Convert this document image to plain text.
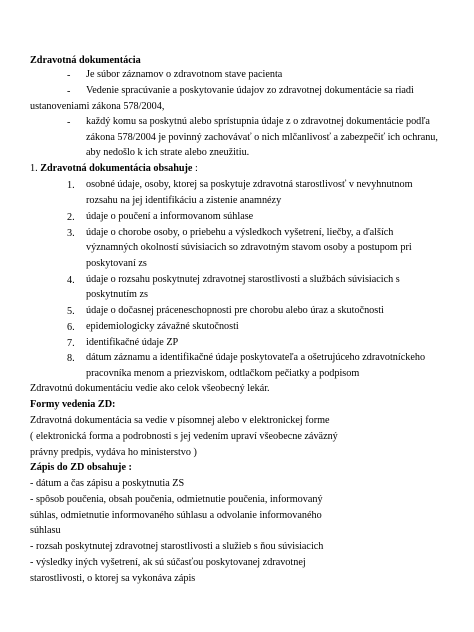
Zdravotná dokumentácia
- Je súbor záznamov o zdravotnom stave pacienta
- Vedenie spracúvanie a poskytovanie údajov zo zdravotnej dokumentácie sa riadi
ustanoveniami zákona 578/2004,
- každý komu sa poskytnú alebo sprístupnia údaje z o zdravotnej dokumentácie podľa
zákona 578/2004 je povinný zachovávať o nich mlčanlivosť a zabezpečiť ich ochranu,
aby nedošlo k ich strate alebo zneužitiu.
1. Zdravotná dokumentácia obsahuje :
1. osobné údaje, osoby, ktorej sa poskytuje zdravotná starostlivosť v nevyhnutnom
rozsahu na jej identifikáciu a zistenie anamnézy
2. údaje o poučení a informovanom súhlase
3. údaje o chorobe osoby, o priebehu a výsledkoch vyšetrení, liečby, a ďalších
významných okolností súvisiacich so zdravotným stavom osoby a postupom pri
poskytovaní zs
4. údaje o rozsahu poskytnutej zdravotnej starostlivosti a službách súvisiacich s
poskytnutím zs
5. údaje o dočasnej práceneschopnosti pre chorobu alebo úraz a skutočnosti
6. epidemiologicky závažné skutočnosti
7. identifikačné údaje ZP
8. dátum záznamu a identifikačné údaje poskytovateľa a ošetrujúceho zdravotníckeho
pracovníka menom a priezviskom, odtlačkom pečiatky a podpisom
Zdravotnú dokumentáciu vedie ako celok všeobecný lekár.
Formy vedenia ZD:
Zdravotná dokumentácia sa vedie v písomnej alebo v elektronickej forme
( elektronická forma a podrobnosti s jej vedením upraví všeobecne záväzný
právny predpis, vydáva ho ministerstvo )
Zápis do ZD obsahuje :
- dátum a čas zápisu a poskytnutia ZS
- spôsob poučenia, obsah poučenia, odmietnutie poučenia, informovaný
súhlas, odmietnutie informovaného súhlasu a odvolanie informovaného
súhlasu
- rozsah poskytnutej zdravotnej starostlivosti a služieb s ňou súvisiacich
- výsledky iných vyšetrení, ak sú súčasťou poskytovanej zdravotnej
starostlivosti, o ktorej sa vykonáva zápis
